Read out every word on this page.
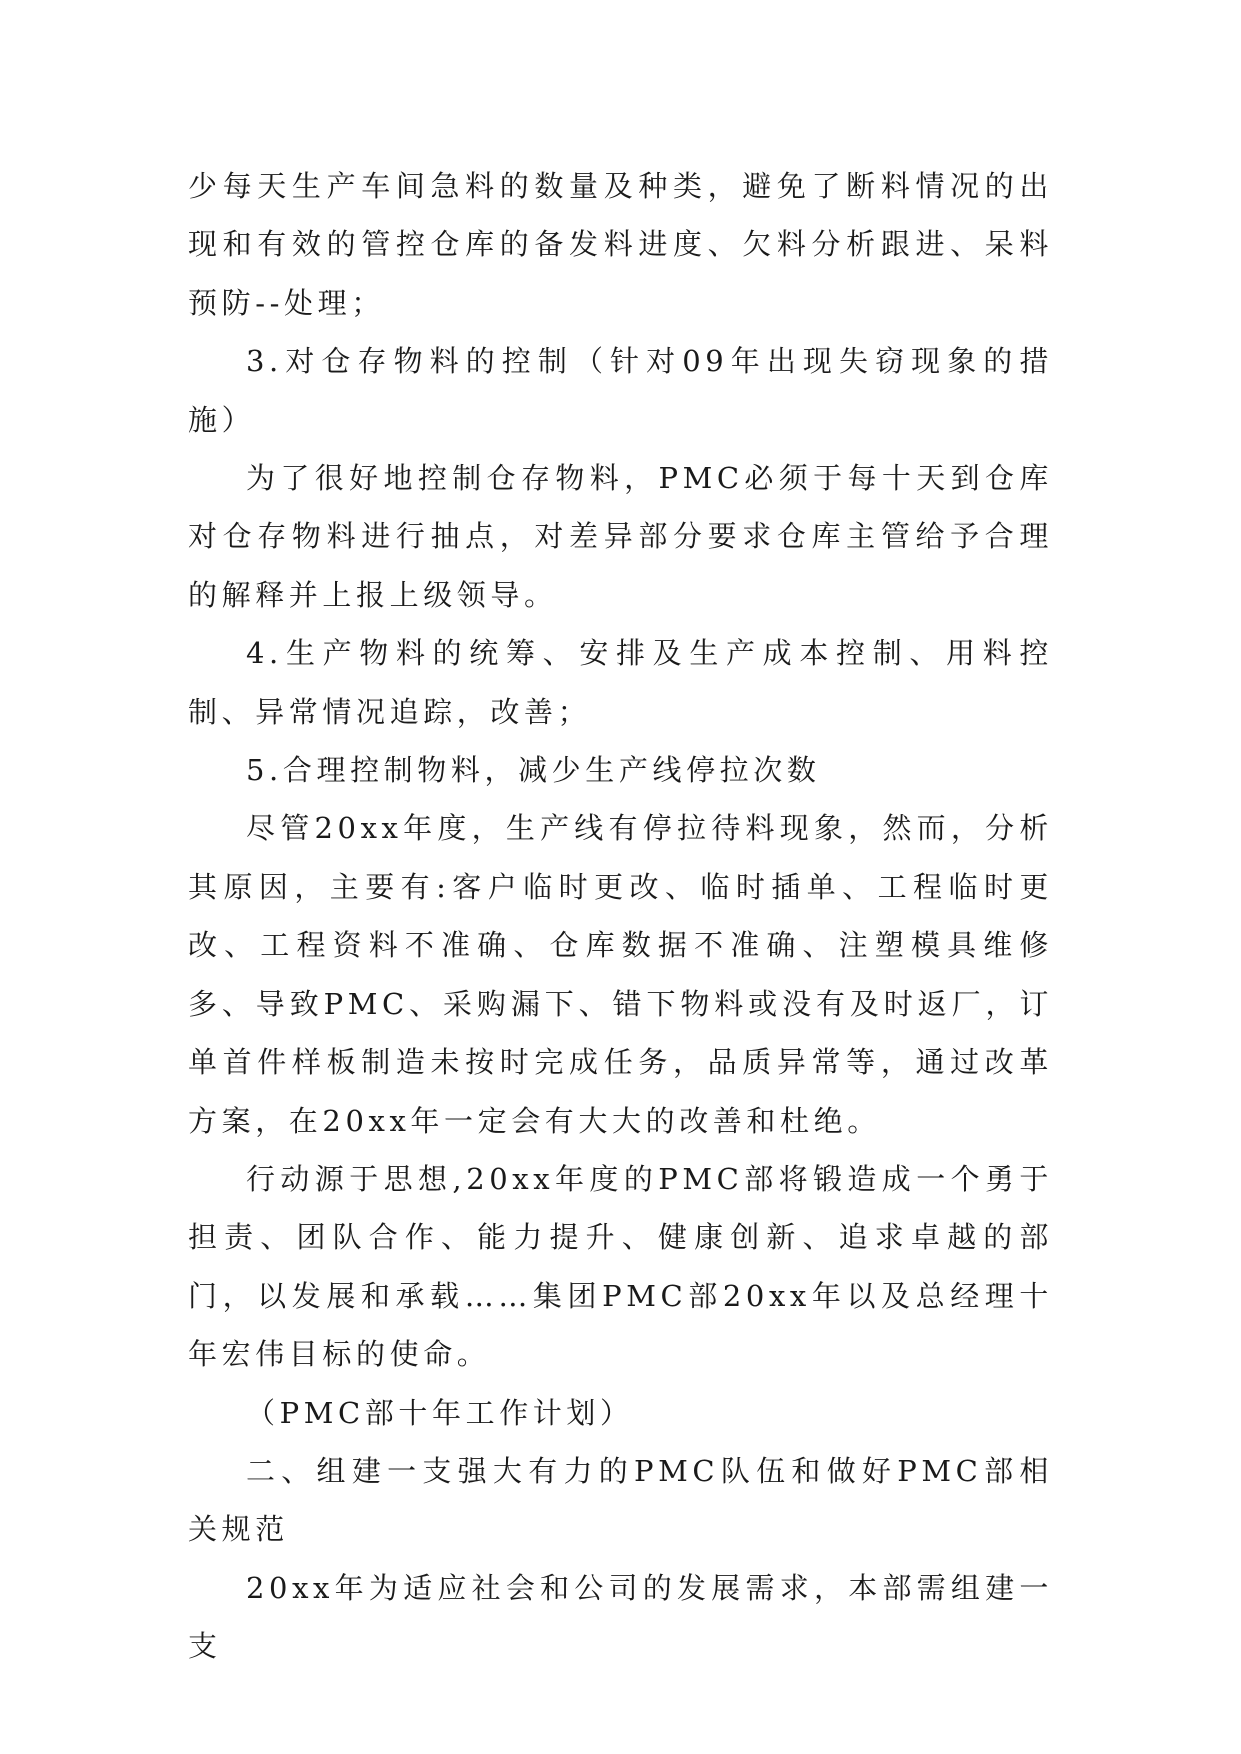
少每天生产车间急料的数量及种类，避免了断料情况的出现和有效的管控仓库的备发料进度、欠料分析跟进、呆料预防--处理；

3.对仓存物料的控制（针对09年出现失窃现象的措施）

为了很好地控制仓存物料，PMC必须于每十天到仓库对仓存物料进行抽点，对差异部分要求仓库主管给予合理的解释并上报上级领导。

4.生产物料的统筹、安排及生产成本控制、用料控制、异常情况追踪，改善；

5.合理控制物料，减少生产线停拉次数

尽管20xx年度，生产线有停拉待料现象，然而，分析其原因，主要有:客户临时更改、临时插单、工程临时更改、工程资料不准确、仓库数据不准确、注塑模具维修多、导致PMC、采购漏下、错下物料或没有及时返厂，订单首件样板制造未按时完成任务，品质异常等，通过改革方案，在20xx年一定会有大大的改善和杜绝。

行动源于思想,20xx年度的PMC部将锻造成一个勇于担责、团队合作、能力提升、健康创新、追求卓越的部门，以发展和承载……集团PMC部20xx年以及总经理十年宏伟目标的使命。

（PMC部十年工作计划）

二、组建一支强大有力的PMC队伍和做好PMC部相关规范

20xx年为适应社会和公司的发展需求，本部需组建一支
